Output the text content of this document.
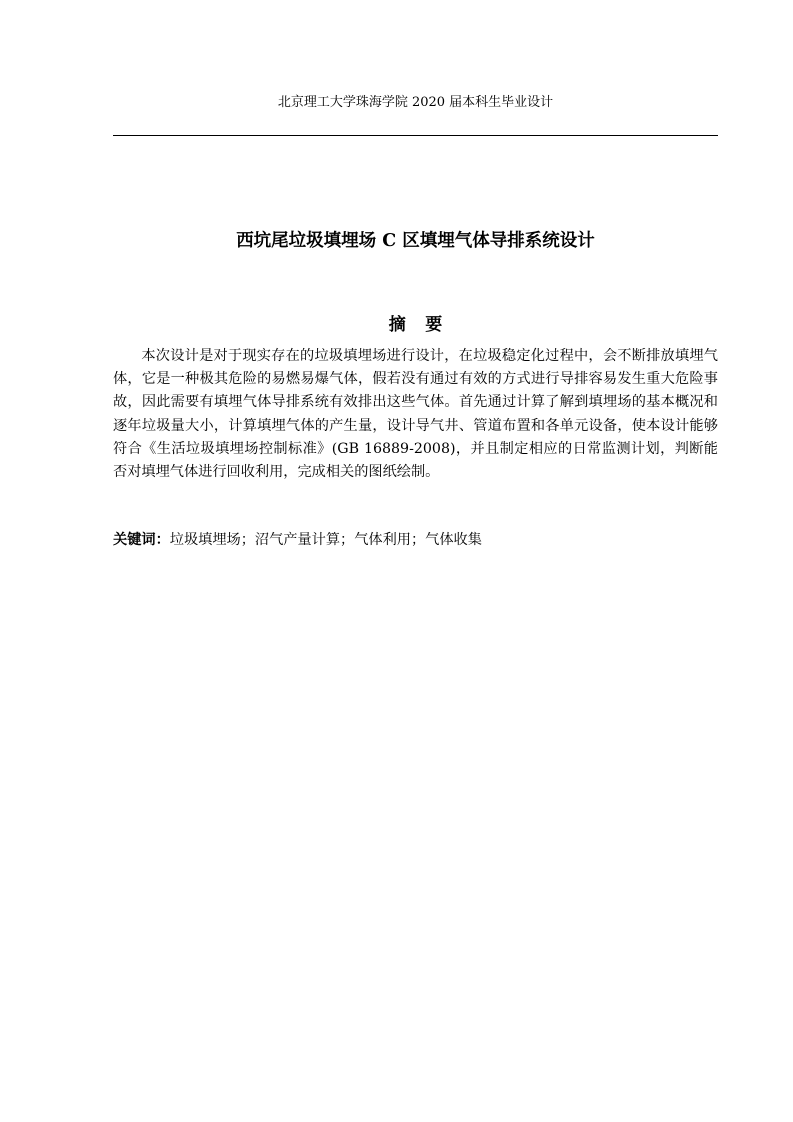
北京理工大学珠海学院 2020 届本科生毕业设计
西坑尾垃圾填埋场 C 区填埋气体导排系统设计
摘要

本次设计是对于现实存在的垃圾填埋场进行设计，在垃圾稳定化过程中，会不断排放填埋气体，它是一种极其危险的易燃易爆气体，假若没有通过有效的方式进行导排容易发生重大危险事故，因此需要有填埋气体导排系统有效排出这些气体。首先通过计算了解到填埋场的基本概况和逐年垃圾量大小，计算填埋气体的产生量，设计导气井、管道布置和各单元设备，使本设计能够符合《生活垃圾填埋场控制标准》(GB 16889-2008)，并且制定相应的日常监测计划，判断能否对填埋气体进行回收利用，完成相关的图纸绘制。

关键词：垃圾填埋场；沼气产量计算；气体利用；气体收集
